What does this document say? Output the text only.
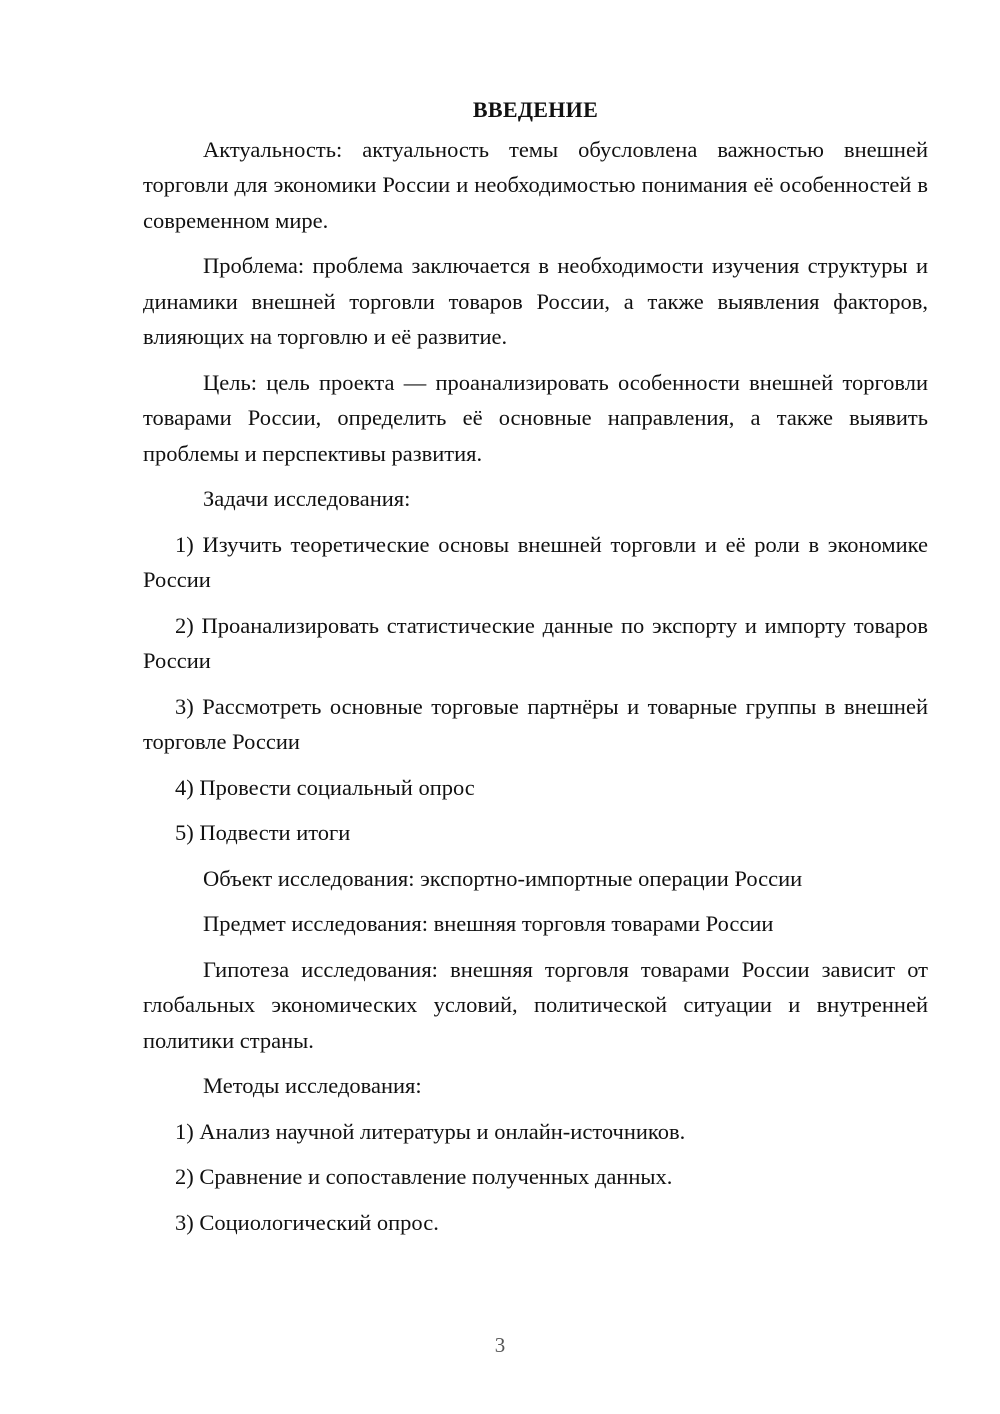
ВВЕДЕНИЕ

Актуальность: актуальность темы обусловлена важностью внешней торговли для экономики России и необходимостью понимания её особенностей в современном мире.

Проблема: проблема заключается в необходимости изучения структуры и динамики внешней торговли товаров России, а также выявления факторов, влияющих на торговлю и её развитие.

Цель: цель проекта — проанализировать особенности внешней торговли товарами России, определить её основные направления, а также выявить проблемы и перспективы развития.

Задачи исследования:

1) Изучить теоретические основы внешней торговли и её роли в экономике России

2) Проанализировать статистические данные по экспорту и импорту товаров России

3) Рассмотреть основные торговые партнёры и товарные группы в внешней торговле России

4) Провести социальный опрос

5) Подвести итоги

Объект исследования: экспортно-импортные операции России

Предмет исследования: внешняя торговля товарами России

Гипотеза исследования: внешняя торговля товарами России зависит от глобальных экономических условий, политической ситуации и внутренней политики страны.

Методы исследования:

1) Анализ научной литературы и онлайн-источников.

2) Сравнение и сопоставление полученных данных.

3) Социологический опрос.

3
